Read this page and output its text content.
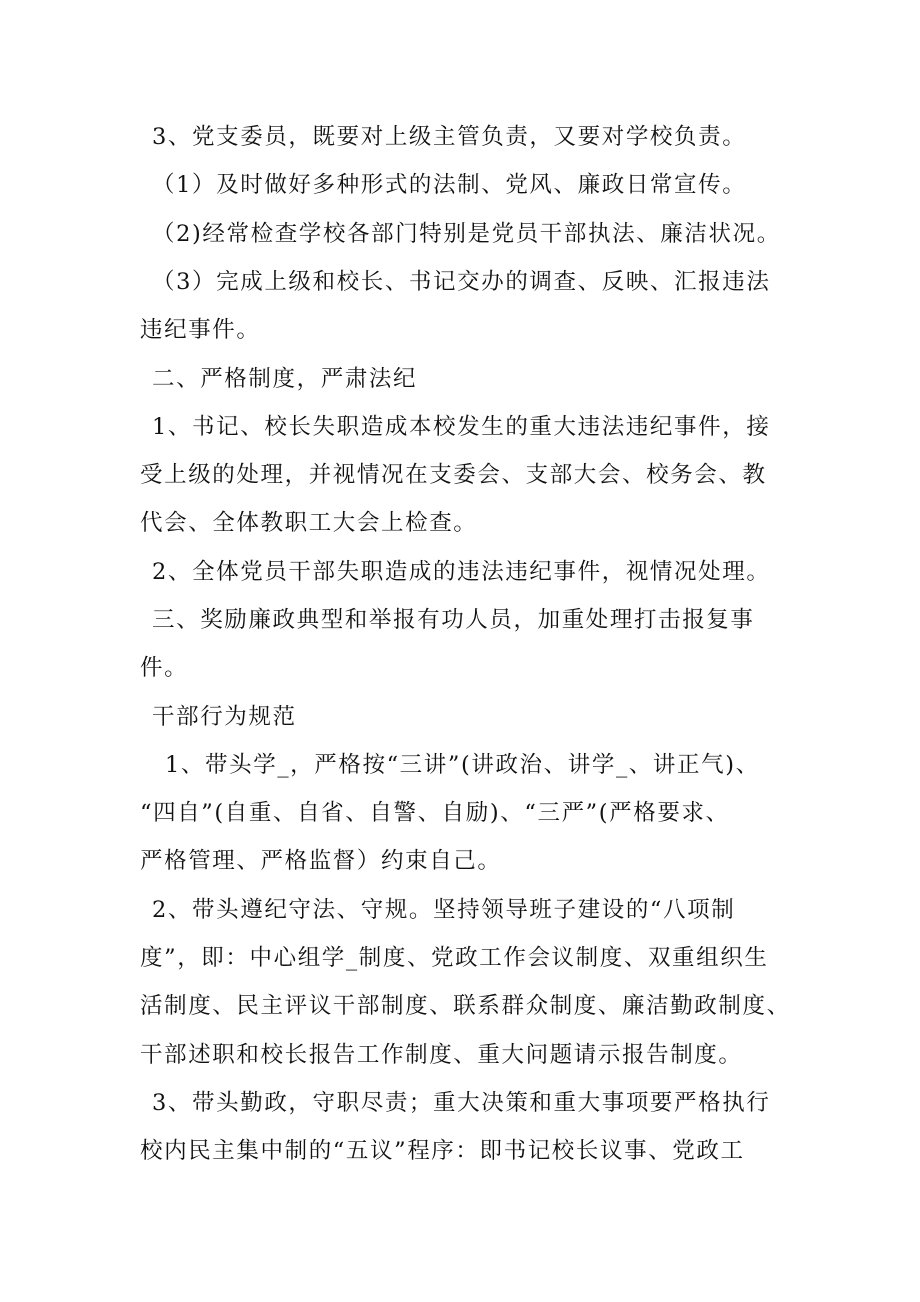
3、党支委员，既要对上级主管负责，又要对学校负责。
（1）及时做好多种形式的法制、党风、廉政日常宣传。
（2)经常检查学校各部门特别是党员干部执法、廉洁状况。
（3）完成上级和校长、书记交办的调查、反映、汇报违法
违纪事件。
二、严格制度，严肃法纪
1、书记、校长失职造成本校发生的重大违法违纪事件，接
受上级的处理，并视情况在支委会、支部大会、校务会、教
代会、全体教职工大会上检查。
2、全体党员干部失职造成的违法违纪事件，视情况处理。
三、奖励廉政典型和举报有功人员，加重处理打击报复事
件。
干部行为规范
1、带头学_，严格按“三讲”(讲政治、讲学_、讲正气)、
“四自”(自重、自省、自警、自励)、“三严”(严格要求、
严格管理、严格监督）约束自己。
2、带头遵纪守法、守规。坚持领导班子建设的“八项制
度”，即：中心组学_制度、党政工作会议制度、双重组织生
活制度、民主评议干部制度、联系群众制度、廉洁勤政制度、
干部述职和校长报告工作制度、重大问题请示报告制度。
3、带头勤政，守职尽责；重大决策和重大事项要严格执行
校内民主集中制的“五议”程序：即书记校长议事、党政工
